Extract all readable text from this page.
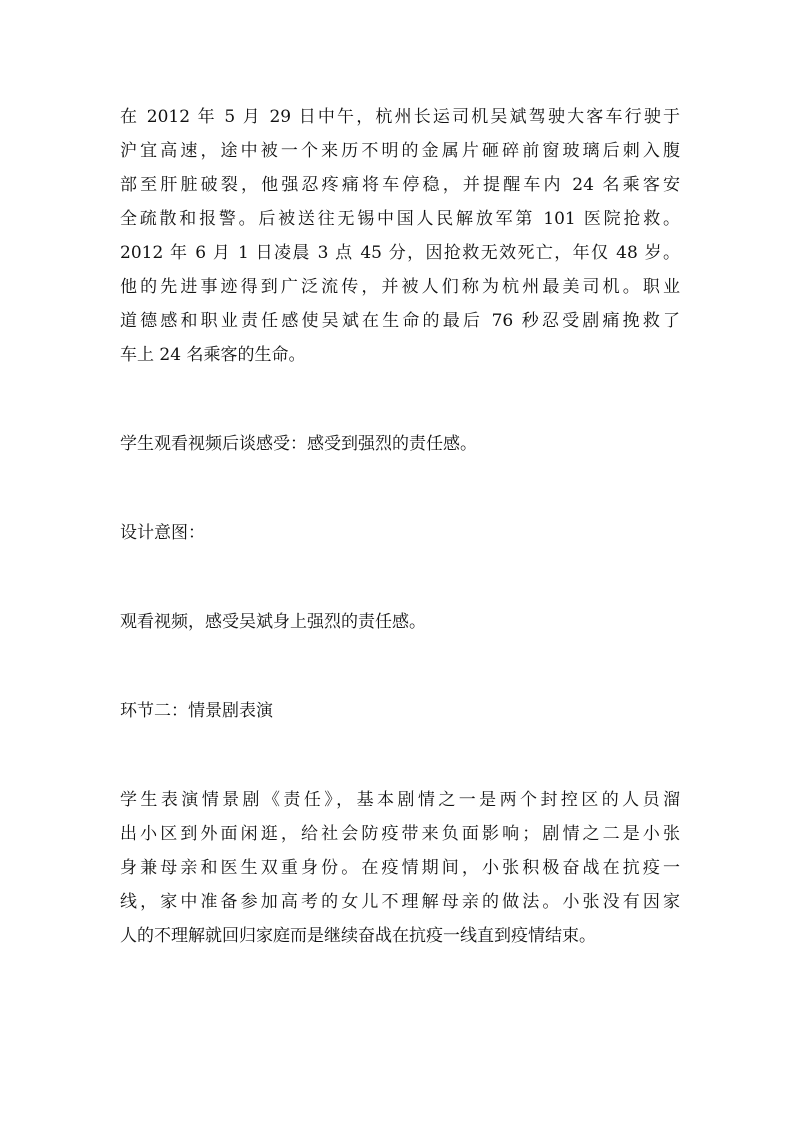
在 2012 年 5 月 29 日中午，杭州长运司机吴斌驾驶大客车行驶于
沪宜高速，途中被一个来历不明的金属片砸碎前窗玻璃后刺入腹
部至肝脏破裂，他强忍疼痛将车停稳，并提醒车内 24 名乘客安
全疏散和报警。后被送往无锡中国人民解放军第 101 医院抢救。
2012 年 6 月 1 日凌晨 3 点 45 分，因抢救无效死亡，年仅 48 岁。
他的先进事迹得到广泛流传，并被人们称为杭州最美司机。职业
道德感和职业责任感使吴斌在生命的最后 76 秒忍受剧痛挽救了
车上 24 名乘客的生命。
学生观看视频后谈感受：感受到强烈的责任感。
设计意图：
观看视频，感受吴斌身上强烈的责任感。
环节二：情景剧表演
学生表演情景剧《责任》，基本剧情之一是两个封控区的人员溜
出小区到外面闲逛，给社会防疫带来负面影响；剧情之二是小张
身兼母亲和医生双重身份。在疫情期间，小张积极奋战在抗疫一
线，家中准备参加高考的女儿不理解母亲的做法。小张没有因家
人的不理解就回归家庭而是继续奋战在抗疫一线直到疫情结束。
